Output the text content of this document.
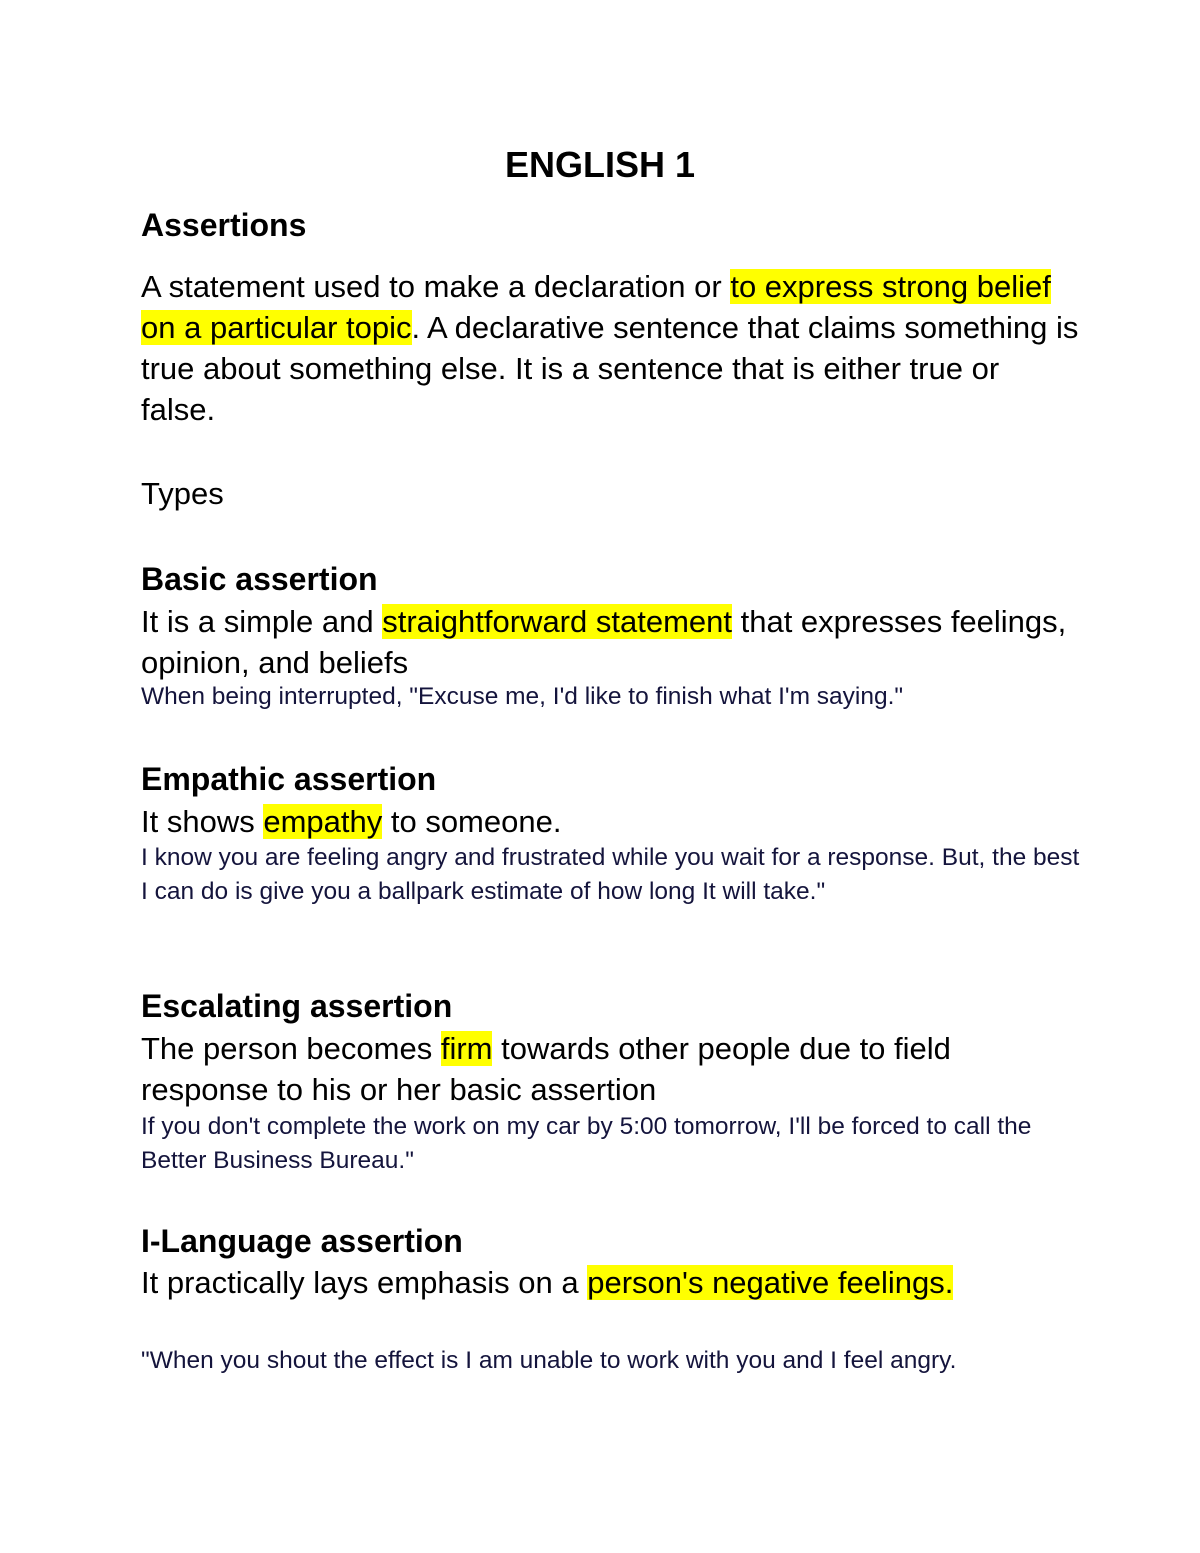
ENGLISH 1
Assertions

A statement used to make a declaration or to express strong belief on a particular topic. A declarative sentence that claims something is true about something else. It is a sentence that is either true or false.

Types
Basic assertion

It is a simple and straightforward statement that expresses feelings, opinion, and beliefs

When being interrupted, "Excuse me, I'd like to finish what I'm saying."

Empathic assertion

It shows empathy to someone.

I know you are feeling angry and frustrated while you wait for a response. But, the best I can do is give you a ballpark estimate of how long It will take."

Escalating assertion

The person becomes firm towards other people due to field response to his or her basic assertion

If you don't complete the work on my car by 5:00 tomorrow, I'll be forced to call the Better Business Bureau."

I-Language assertion

It practically lays emphasis on a person's negative feelings.

"When you shout the effect is I am unable to work with you and I feel angry.
